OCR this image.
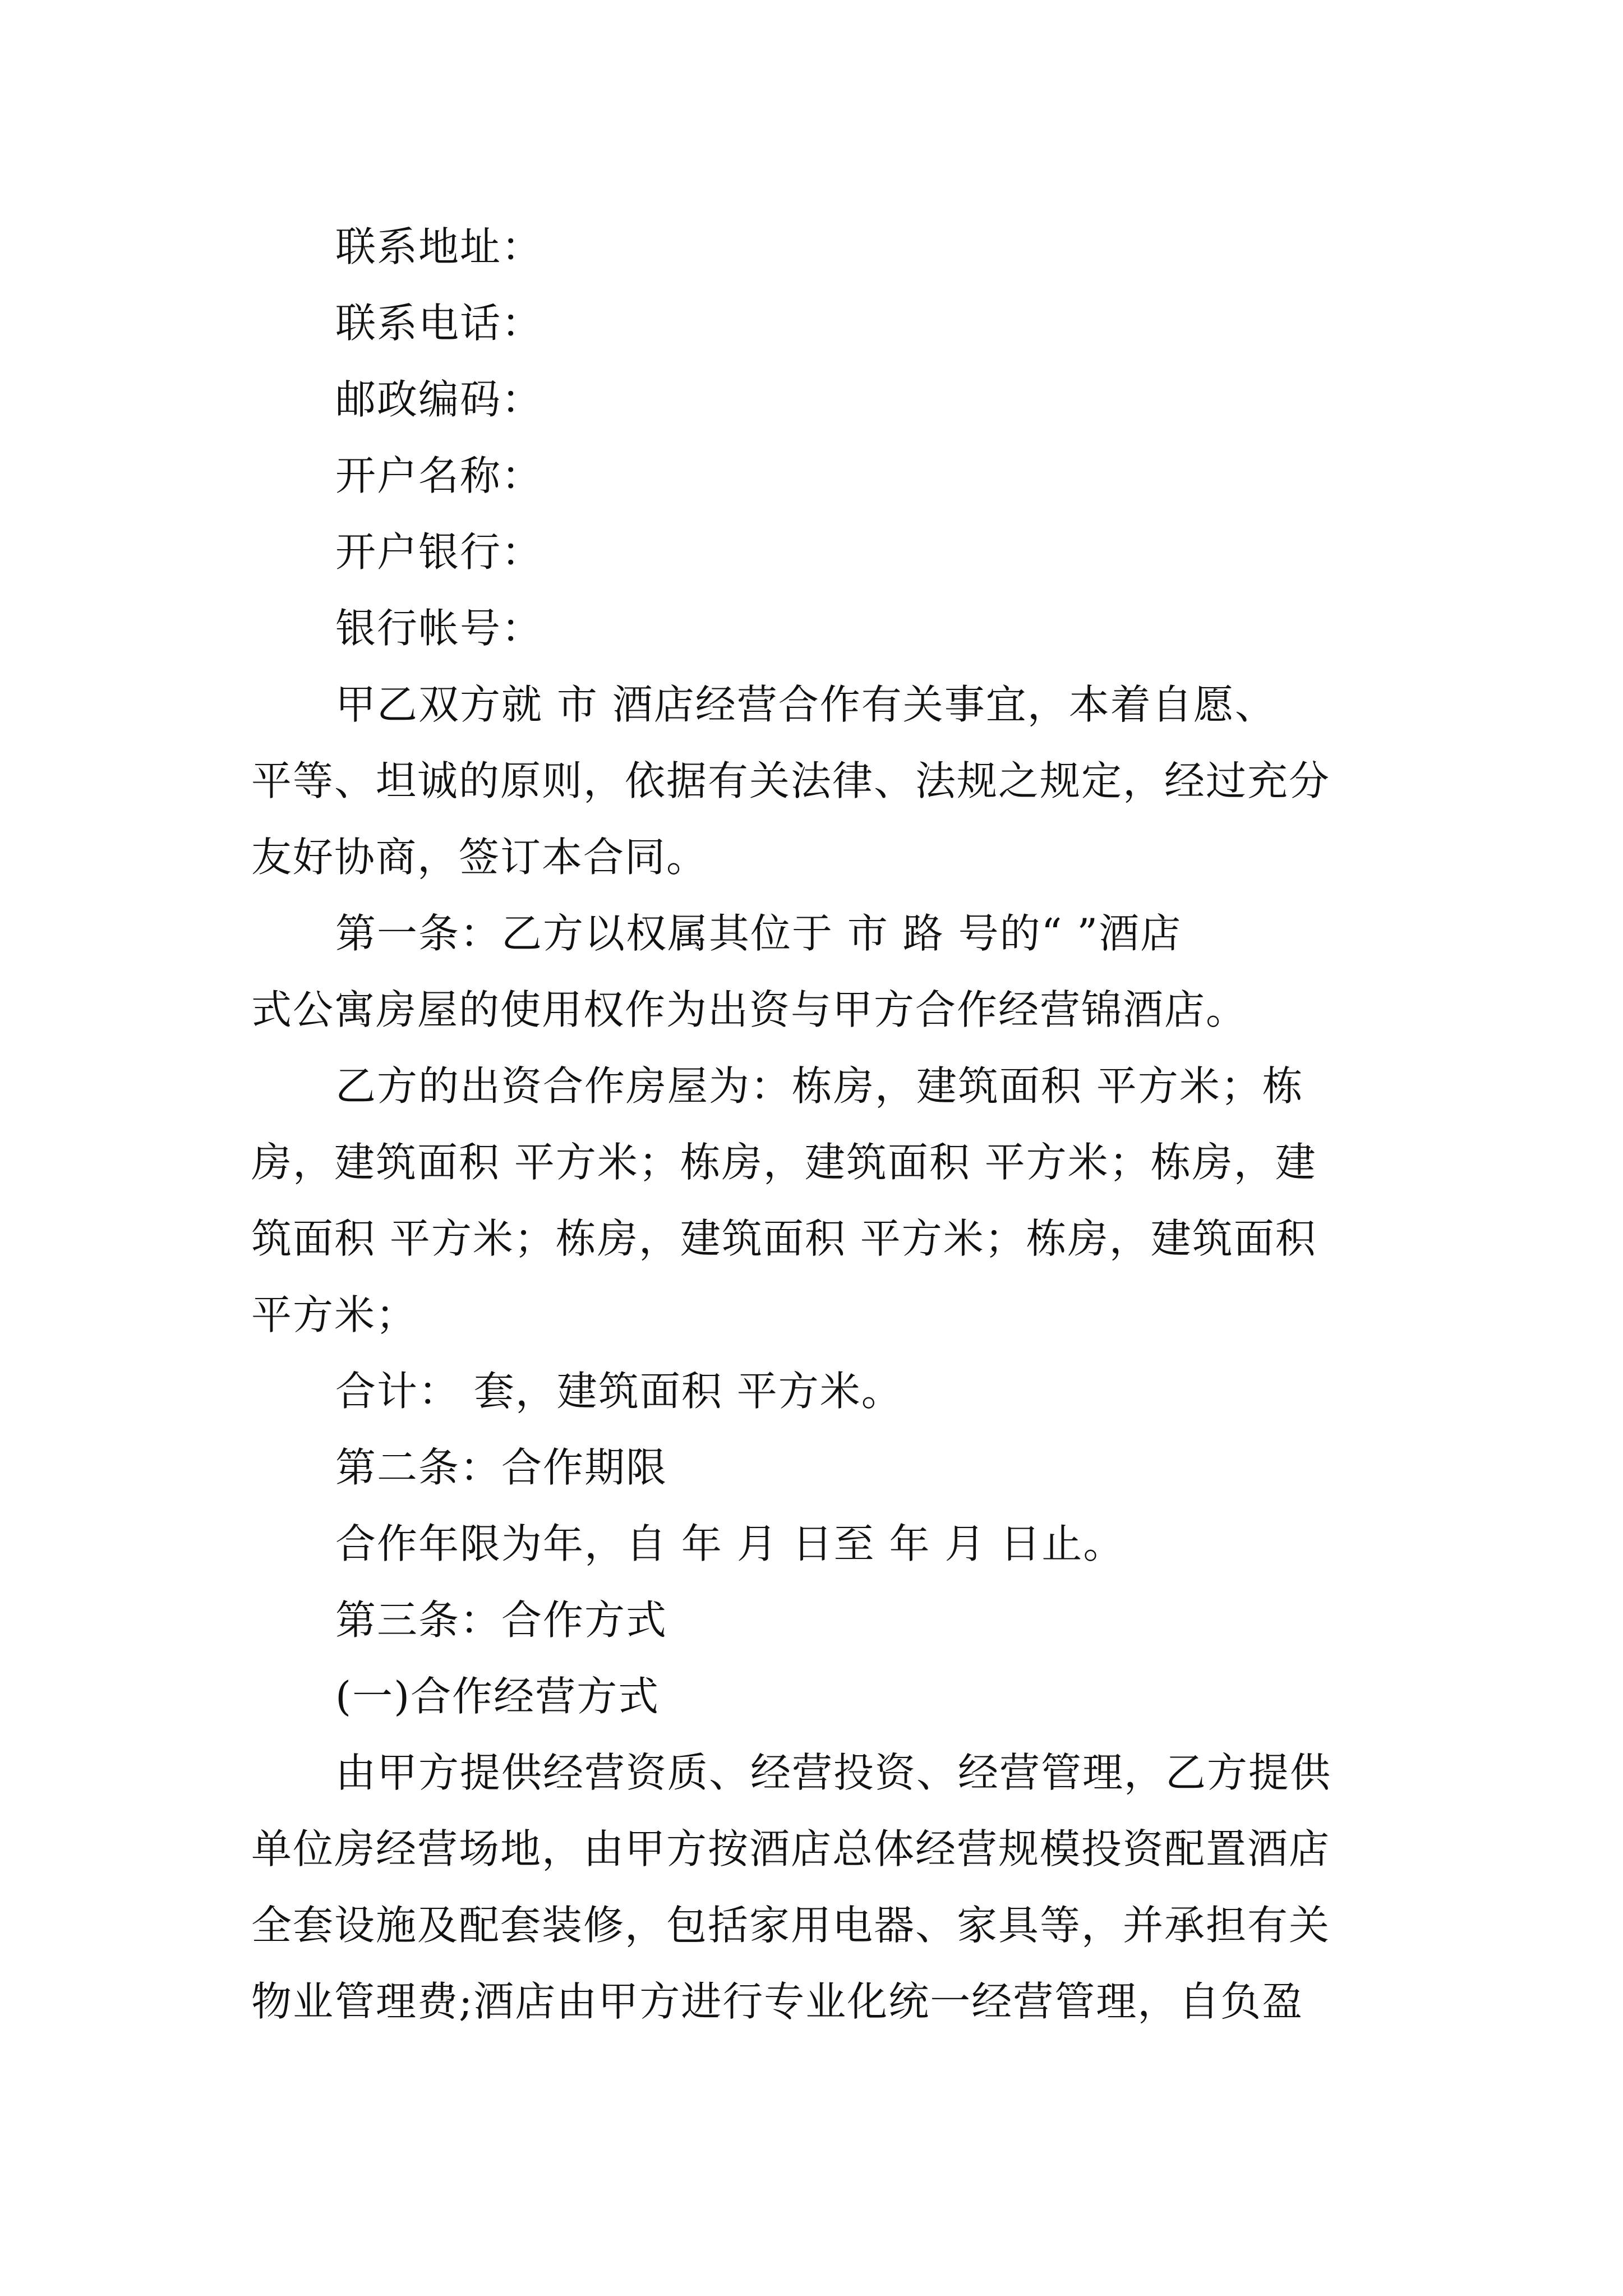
联系地址：
联系电话：
邮政编码：
开户名称：
开户银行：
银行帐号：
甲乙双方就 市 酒店经营合作有关事宜，本着自愿、
平等、坦诚的原则，依据有关法律、法规之规定，经过充分
友好协商，签订本合同。
第一条：乙方以权属其位于 市 路 号的“ ”酒店
式公寓房屋的使用权作为出资与甲方合作经营锦酒店。
乙方的出资合作房屋为：栋房，建筑面积 平方米；栋
房，建筑面积 平方米；栋房，建筑面积 平方米；栋房，建
筑面积 平方米；栋房，建筑面积 平方米；栋房，建筑面积
平方米；
合计： 套，建筑面积 平方米。
第二条：合作期限
合作年限为年，自 年 月 日至 年 月 日止。
第三条：合作方式
(一)合作经营方式
由甲方提供经营资质、经营投资、经营管理，乙方提供
单位房经营场地，由甲方按酒店总体经营规模投资配置酒店
全套设施及配套装修，包括家用电器、家具等，并承担有关
物业管理费;酒店由甲方进行专业化统一经营管理，自负盈
